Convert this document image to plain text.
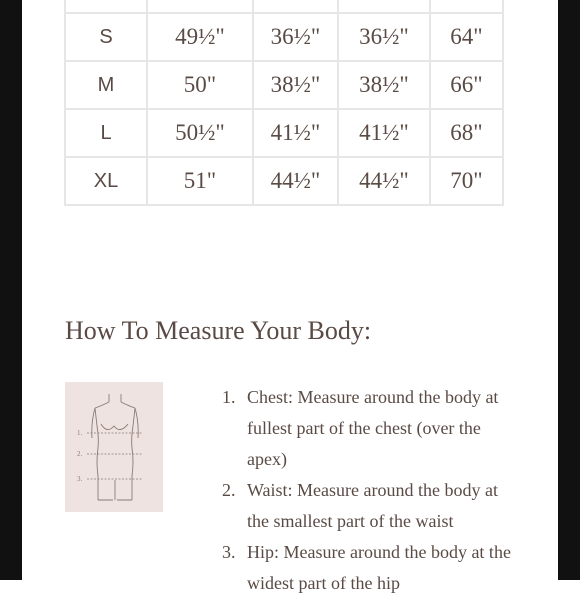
S	49½"	36½"	36½"	64"
M	50"	38½"	38½"	66"
L	50½"	41½"	41½"	68"
XL	51"	44½"	44½"	70"
How To Measure Your Body:
1.
2.
3.
1. Chest: Measure around the body at fullest part of the chest (over the apex)
2. Waist: Measure around the body at the smallest part of the waist
3. Hip: Measure around the body at the widest part of the hip
